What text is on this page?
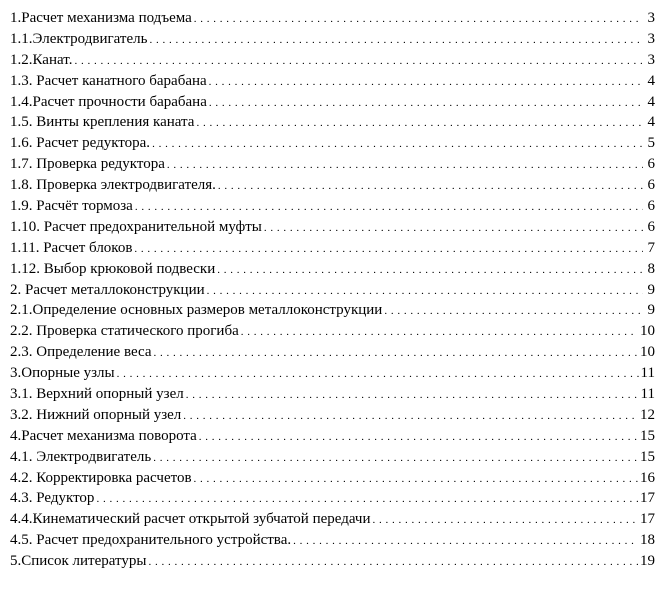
1.Расчет механизма подъема . . .	3
1.1.Электродвигатель . . .	3
1.2.Канат. . . .	3
1.3. Расчет канатного барабана . . .	4
1.4.Расчет прочности барабана . . .	4
1.5. Винты крепления каната . . .	4
1.6. Расчет редуктора. . . .	5
1.7. Проверка редуктора . . .	6
1.8. Проверка электродвигателя. . . .	6
1.9. Расчёт тормоза . . .	6
1.10. Расчет предохранительной муфты . . .	6
1.11. Расчет блоков . . .	7
1.12. Выбор крюковой подвески . . .	8
2. Расчет металлоконструкции . . .	9
2.1.Определение основных размеров металлоконструкции . . .	9
2.2. Проверка статического прогиба . . .	10
2.3. Определение веса . . .	10
3.Опорные узлы . . .	11
3.1. Верхний опорный узел . . .	11
3.2. Нижний опорный узел . . .	12
4.Расчет механизма поворота . . .	15
4.1. Электродвигатель . . .	15
4.2. Корректировка расчетов . . .	16
4.3. Редуктор . . .	17
4.4.Кинематический расчет открытой зубчатой передачи . . .	17
4.5. Расчет предохранительного устройства. . . .	18
5.Список литературы . . .	19
